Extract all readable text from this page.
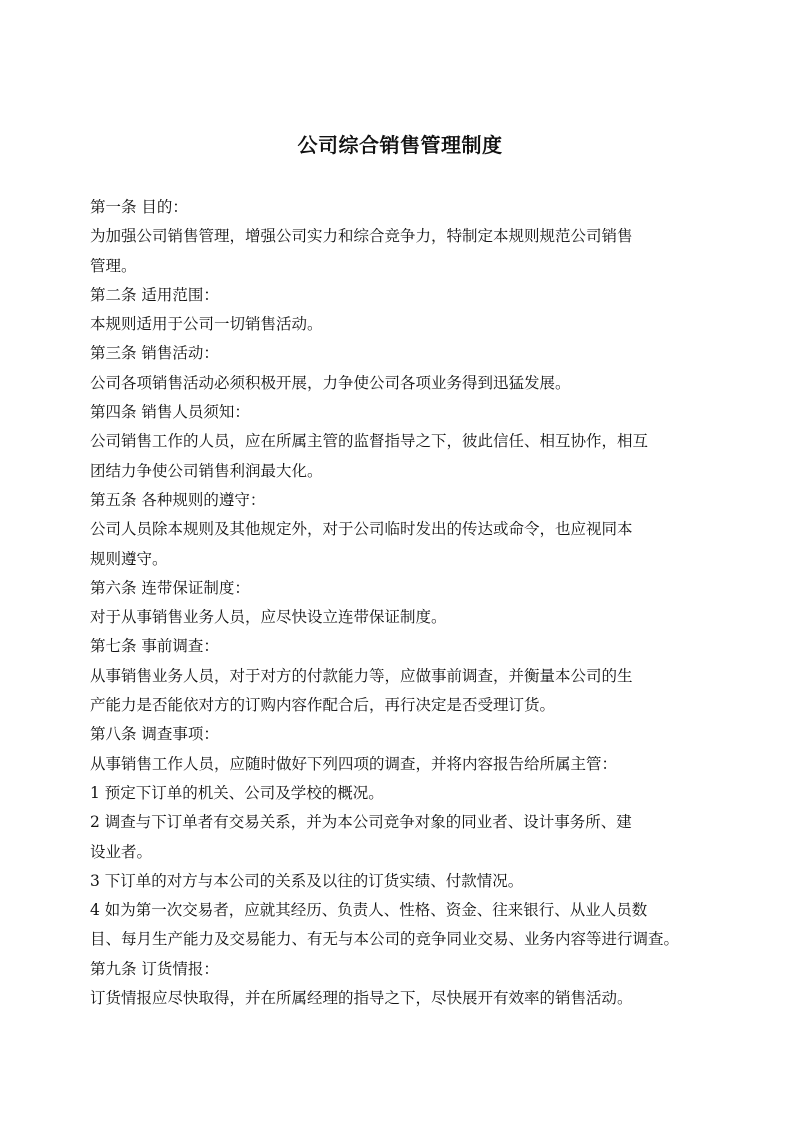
公司综合销售管理制度
第一条 目的：
为加强公司销售管理，增强公司实力和综合竞争力，特制定本规则规范公司销售
管理。
第二条 适用范围：
本规则适用于公司一切销售活动。
第三条 销售活动：
公司各项销售活动必须积极开展，力争使公司各项业务得到迅猛发展。
第四条 销售人员须知：
公司销售工作的人员，应在所属主管的监督指导之下，彼此信任、相互协作，相互
团结力争使公司销售利润最大化。
第五条 各种规则的遵守：
公司人员除本规则及其他规定外，对于公司临时发出的传达或命令，也应视同本
规则遵守。
第六条 连带保证制度：
对于从事销售业务人员，应尽快设立连带保证制度。
第七条 事前调查：
从事销售业务人员，对于对方的付款能力等，应做事前调查，并衡量本公司的生
产能力是否能依对方的订购内容作配合后，再行决定是否受理订货。
第八条 调查事项：
从事销售工作人员，应随时做好下列四项的调查，并将内容报告给所属主管：
1 预定下订单的机关、公司及学校的概况。
2 调查与下订单者有交易关系，并为本公司竞争对象的同业者、设计事务所、建
设业者。
3 下订单的对方与本公司的关系及以往的订货实绩、付款情况。
4 如为第一次交易者，应就其经历、负责人、性格、资金、往来银行、从业人员数
目、每月生产能力及交易能力、有无与本公司的竞争同业交易、业务内容等进行调查。
第九条 订货情报：
订货情报应尽快取得，并在所属经理的指导之下，尽快展开有效率的销售活动。
